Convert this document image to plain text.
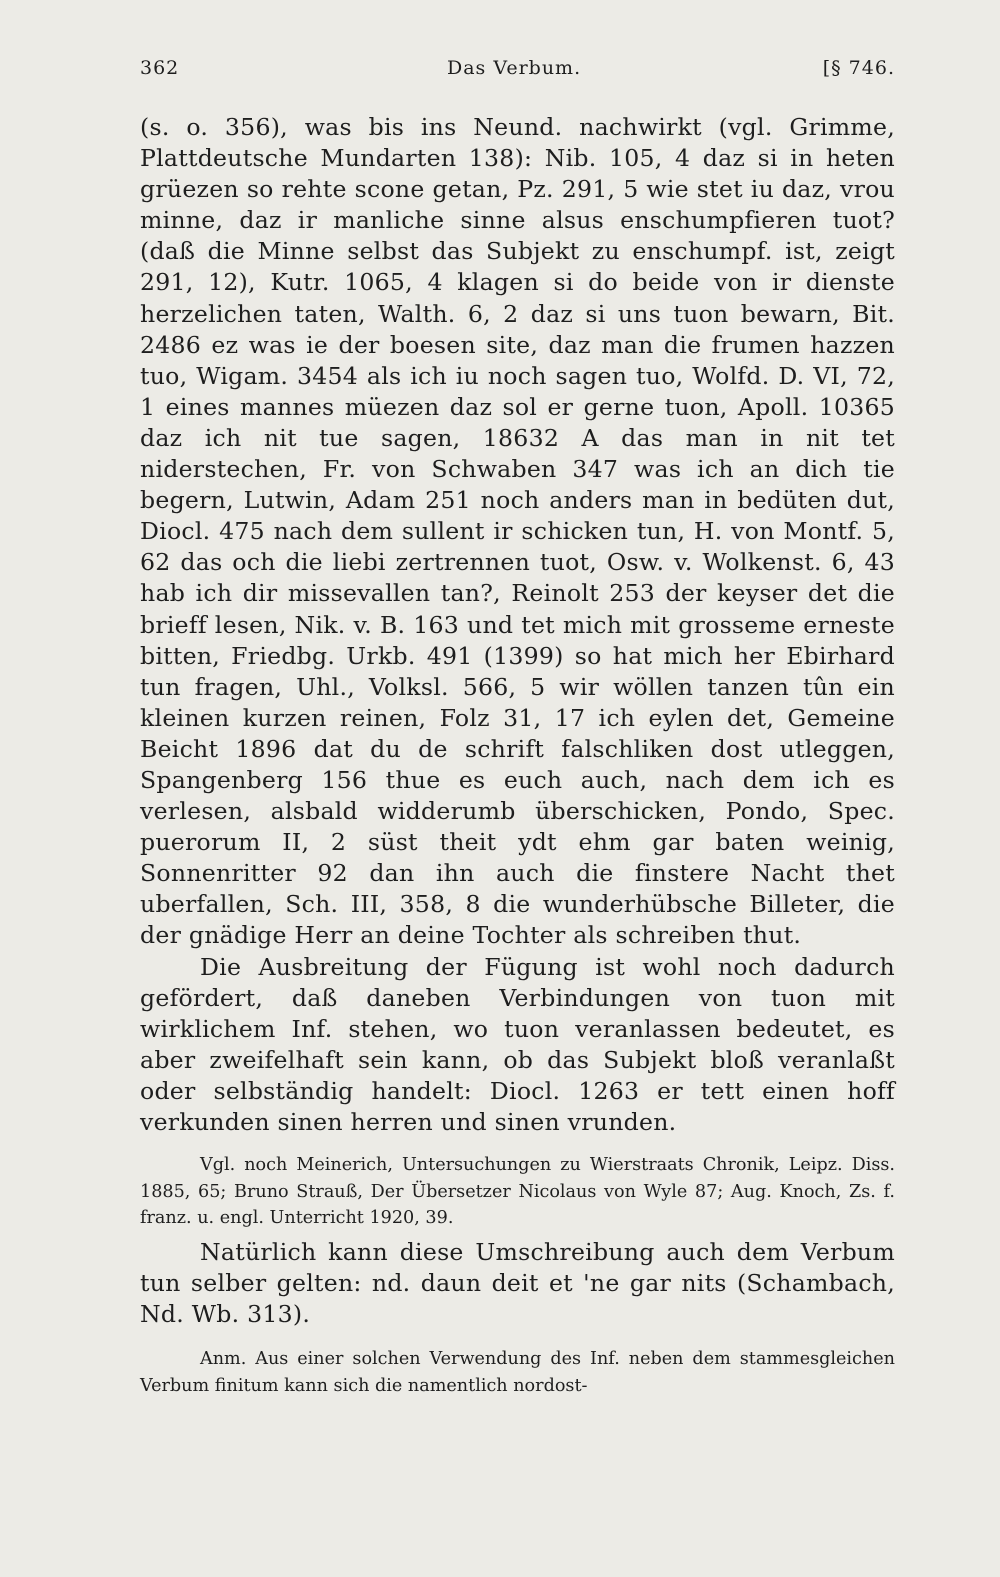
362	Das Verbum.	[§ 746.

(s. o. 356), was bis ins Neund. nachwirkt (vgl. Grimme, Plattdeutsche Mundarten 138): Nib. 105, 4 daz si in heten grüezen so rehte scone getan, Pz. 291, 5 wie stet iu daz, vrou minne, daz ir manliche sinne alsus enschumpfieren tuot? (daß die Minne selbst das Subjekt zu enschumpf. ist, zeigt 291, 12), Kutr. 1065, 4 klagen si do beide von ir dienste herzelichen taten, Walth. 6, 2 daz si uns tuon bewarn, Bit. 2486 ez was ie der boesen site, daz man die frumen hazzen tuo, Wigam. 3454 als ich iu noch sagen tuo, Wolfd. D. VI, 72, 1 eines mannes müezen daz sol er gerne tuon, Apoll. 10365 daz ich nit tue sagen, 18632 A das man in nit tet niderstechen, Fr. von Schwaben 347 was ich an dich tie begern, Lutwin, Adam 251 noch anders man in bedüten dut, Diocl. 475 nach dem sullent ir schicken tun, H. von Montf. 5, 62 das och die liebi zertrennen tuot, Osw. v. Wolkenst. 6, 43 hab ich dir missevallen tan?, Reinolt 253 der keyser det die brieff lesen, Nik. v. B. 163 und tet mich mit grosseme erneste bitten, Friedbg. Urkb. 491 (1399) so hat mich her Ebirhard tun fragen, Uhl., Volksl. 566, 5 wir wöllen tanzen tûn ein kleinen kurzen reinen, Folz 31, 17 ich eylen det, Gemeine Beicht 1896 dat du de schrift falschliken dost utleggen, Spangenberg 156 thue es euch auch, nach dem ich es verlesen, alsbald widderumb überschicken, Pondo, Spec. puerorum II, 2 süst theit ydt ehm gar baten weinig, Sonnenritter 92 dan ihn auch die finstere Nacht thet uberfallen, Sch. III, 358, 8 die wunderhübsche Billeter, die der gnädige Herr an deine Tochter als schreiben thut.

Die Ausbreitung der Fügung ist wohl noch dadurch gefördert, daß daneben Verbindungen von tuon mit wirklichem Inf. stehen, wo tuon veranlassen bedeutet, es aber zweifelhaft sein kann, ob das Subjekt bloß veranlaßt oder selbständig handelt: Diocl. 1263 er tett einen hoff verkunden sinen herren und sinen vrunden.

Vgl. noch Meinerich, Untersuchungen zu Wierstraats Chronik, Leipz. Diss. 1885, 65; Bruno Strauß, Der Übersetzer Nicolaus von Wyle 87; Aug. Knoch, Zs. f. franz. u. engl. Unterricht 1920, 39.

Natürlich kann diese Umschreibung auch dem Verbum tun selber gelten: nd. daun deit et 'ne gar nits (Schambach, Nd. Wb. 313).

Anm. Aus einer solchen Verwendung des Inf. neben dem stammesgleichen Verbum finitum kann sich die namentlich nordost-
